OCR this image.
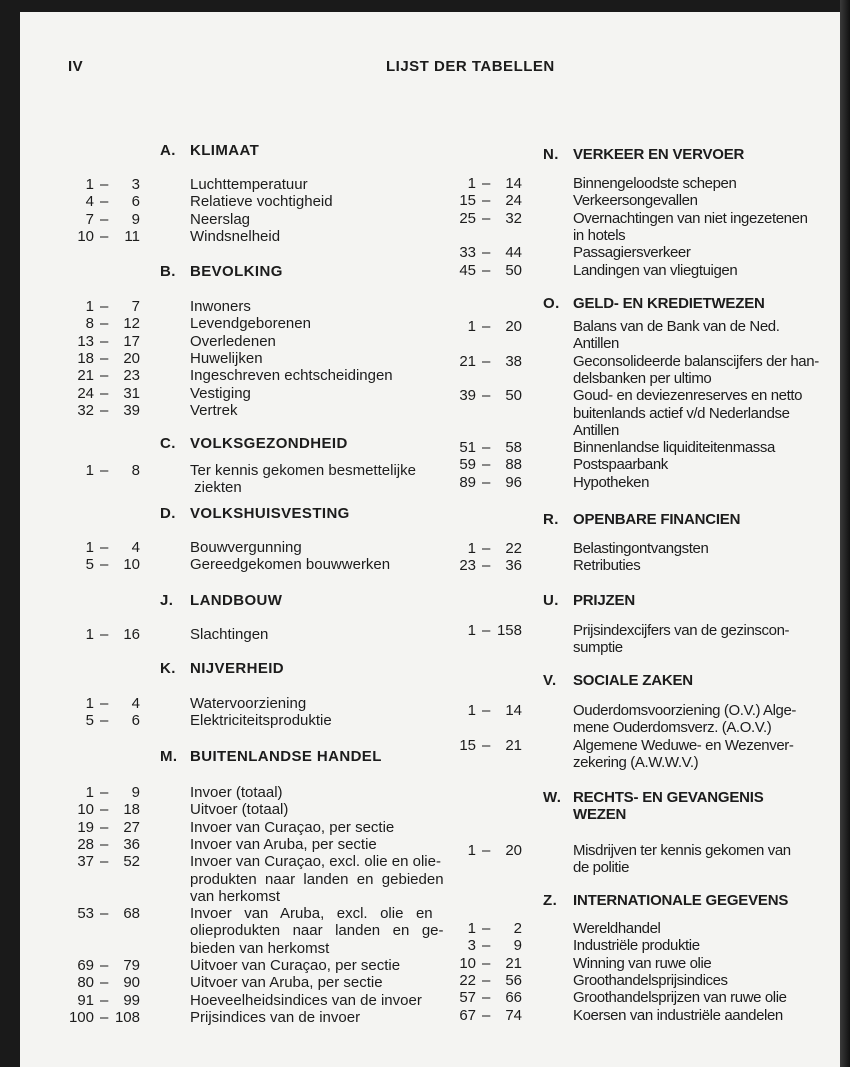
IV	LIJST DER TABELLEN
A. KLIMAAT
1 –	3	Luchttemperatuur
4 –	6	Relatieve vochtigheid
7 –	9	Neerslag
10 –	11	Windsnelheid
B. BEVOLKING
1 –	7	Inwoners
8 – 12	Levendgeborenen
13 – 17	Overledenen
18 – 20	Huwelijken
21 – 23	Ingeschreven echtscheidingen
24 – 31	Vestiging
32 – 39	Vertrek
C. VOLKSGEZONDHEID
1 –	8	Ter kennis gekomen besmettelijke
ziekten
D. VOLKSHUISVESTING
1 –	4	Bouwvergunning
5 – 10	Gereedgekomen bouwwerken
J. LANDBOUW
1 – 16	Slachtingen
K. NIJVERHEID
1 –	4	Watervoorziening
5 –	6	Elektriciteitsproduktie
M. BUITENLANDSE HANDEL
1 –	9	Invoer (totaal)
10 – 18	Uitvoer (totaal)
19 – 27	Invoer van Curaçao, per sectie
28 – 36	Invoer van Aruba, per sectie
37 – 52	Invoer van Curaçao, excl. olie en olie-
produkten  naar  landen  en  gebieden
van herkomst
53 – 68	Invoer   van   Aruba,   excl.   olie   en
olieprodukten   naar   landen   en   ge-
bieden van herkomst
69 – 79	Uitvoer van Curaçao, per sectie
80 – 90	Uitvoer van Aruba, per sectie
91 – 99	Hoeveelheidsindices van de invoer
100 – 108	Prijsindices van de invoer
N. VERKEER EN VERVOER
1 – 14	Binnengeloodste schepen
15 – 24	Verkeersongevallen
25 – 32	Overnachtingen van niet ingezetenen
in hotels
33 – 44	Passagiersverkeer
45 – 50	Landingen van vliegtuigen
O. GELD- EN KREDIETWEZEN
1 – 20	Balans van de Bank van de Ned.
Antillen
21 – 38	Geconsolideerde balanscijfers der han-
delsbanken per ultimo
39 – 50	Goud- en deviezenreserves en netto
buitenlands actief v/d Nederlandse
Antillen
51 – 58	Binnenlandse liquiditeitenmassa
59 – 88	Postspaarbank
89 – 96	Hypotheken
R. OPENBARE FINANCIEN
1 – 22	Belastingontvangsten
23 – 36	Retributies
U. PRIJZEN
1 – 158	Prijsindexcijfers van de gezinscon-
sumptie
V. SOCIALE ZAKEN
1 – 14	Ouderdomsvoorziening (O.V.) Alge-
mene Ouderdomsverz. (A.O.V.)
15 – 21	Algemene Weduwe- en Wezenver-
zekering (A.W.W.V.)
W. RECHTS- EN GEVANGENIS
WEZEN
1 – 20	Misdrijven ter kennis gekomen van
de politie
Z. INTERNATIONALE GEGEVENS
1 –	2	Wereldhandel
3 –	9	Industriële produktie
10 – 21	Winning van ruwe olie
22 – 56	Groothandelsprijsindices
57 – 66	Groothandelsprijzen van ruwe olie
67 – 74	Koersen van industriële aandelen
